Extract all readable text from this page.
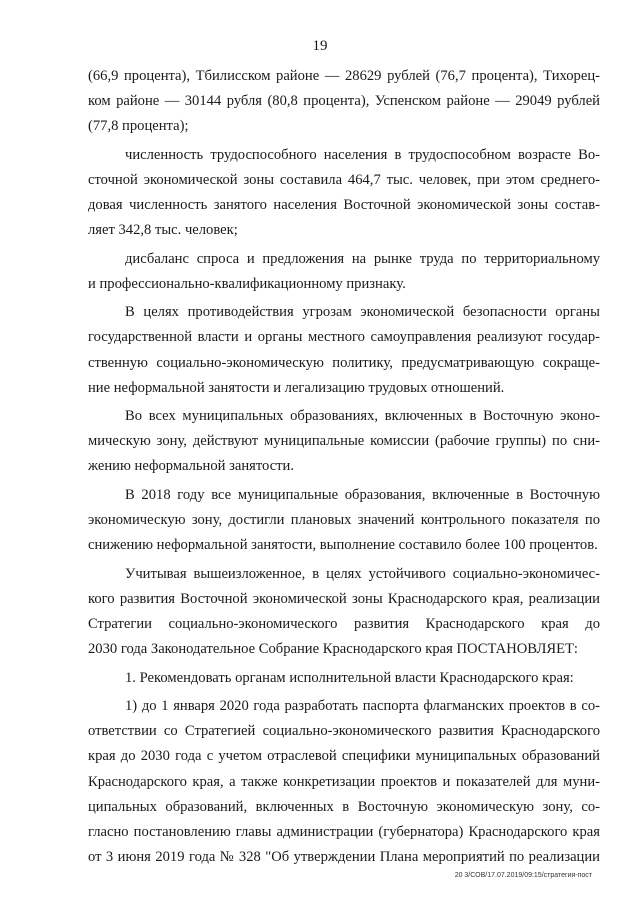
19
(66,9 процента), Тбилисском районе — 28629 рублей (76,7 процента), Тихорец-
ком районе — 30144 рубля (80,8 процента), Успенском районе — 29049 рублей
(77,8 процента);
численность трудоспособного населения в трудоспособном возрасте Во-
сточной экономической зоны составила 464,7 тыс. человек, при этом среднего-
довая численность занятого населения Восточной экономической зоны состав-
ляет 342,8 тыс. человек;
дисбаланс спроса и предложения на рынке труда по территориальному
и профессионально-квалификационному признаку.
В целях противодействия угрозам экономической безопасности органы
государственной власти и органы местного самоуправления реализуют государ-
ственную социально-экономическую политику, предусматривающую сокраще-
ние неформальной занятости и легализацию трудовых отношений.
Во всех муниципальных образованиях, включенных в Восточную эконо-
мическую зону, действуют муниципальные комиссии (рабочие группы) по сни-
жению неформальной занятости.
В 2018 году все муниципальные образования, включенные в Восточную
экономическую зону, достигли плановых значений контрольного показателя по
снижению неформальной занятости, выполнение составило более 100 процентов.
Учитывая вышеизложенное, в целях устойчивого социально-экономичес-
кого развития Восточной экономической зоны Краснодарского края, реализации
Стратегии социально-экономического развития Краснодарского края до
2030 года Законодательное Собрание Краснодарского края ПОСТАНОВЛЯЕТ:
1. Рекомендовать органам исполнительной власти Краснодарского края:
1) до 1 января 2020 года разработать паспорта флагманских проектов в со-
ответствии со Стратегией социально-экономического развития Краснодарского
края до 2030 года с учетом отраслевой специфики муниципальных образований
Краснодарского края, а также конкретизации проектов и показателей для муни-
ципальных образований, включенных в Восточную экономическую зону, со-
гласно постановлению главы администрации (губернатора) Краснодарского края
от 3 июня 2019 года № 328 "Об утверждении Плана мероприятий по реализации
20 3/СОВ/17.07.2019/09:15/стратегия-пост
